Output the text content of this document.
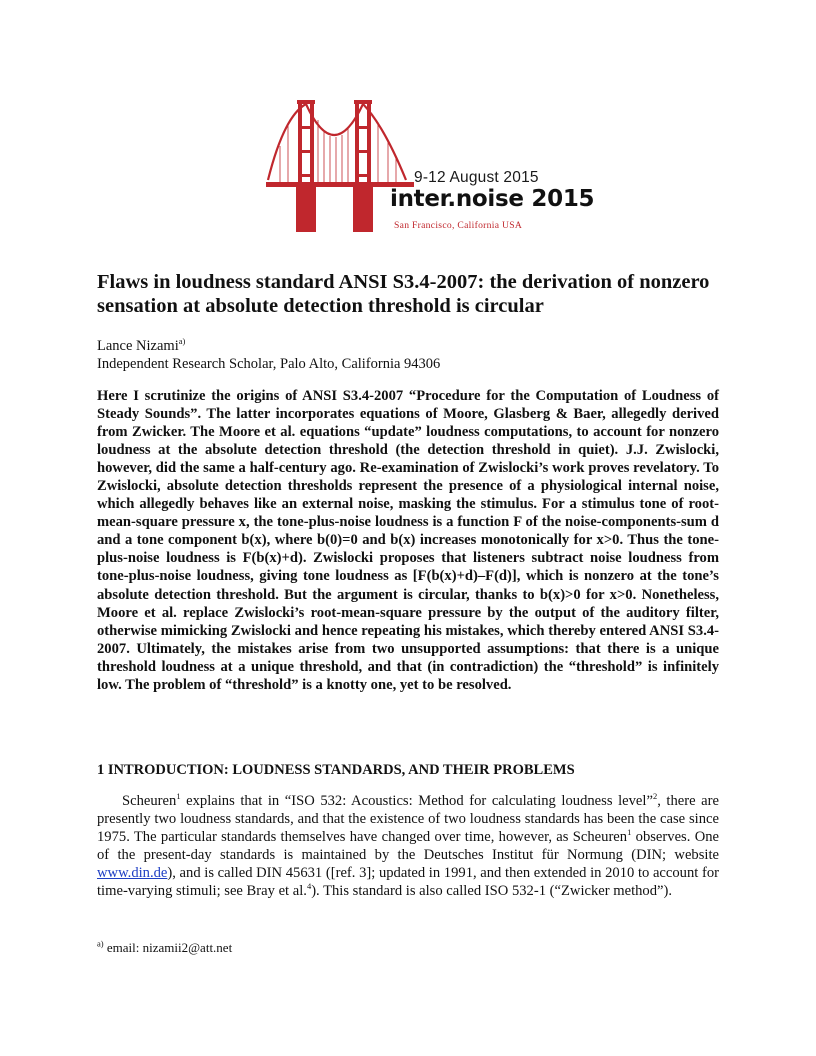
9-12 August 2015
inter.noise 2015
San Francisco, California USA
Flaws in loudness standard ANSI S3.4-2007: the derivation of nonzero sensation at absolute detection threshold is circular
Lance Nizami$^{a)}$
Independent Research Scholar, Palo Alto, California 94306

Here I scrutinize the origins of ANSI S3.4-2007 “Procedure for the Computation of Loudness of Steady Sounds”. The latter incorporates equations of Moore, Glasberg & Baer, allegedly derived from Zwicker. The Moore et al. equations “update” loudness computations, to account for nonzero loudness at the absolute detection threshold (the detection threshold in quiet). J.J. Zwislocki, however, did the same a half-century ago. Re-examination of Zwislocki’s work proves revelatory. To Zwislocki, absolute detection thresholds represent the presence of a physiological internal noise, which allegedly behaves like an external noise, masking the stimulus. For a stimulus tone of root-mean-square pressure x, the tone-plus-noise loudness is a function F of the noise-components-sum d and a tone component b(x), where b(0)=0 and b(x) increases monotonically for x>0. Thus the tone-plus-noise loudness is F(b(x)+d). Zwislocki proposes that listeners subtract noise loudness from tone-plus-noise loudness, giving tone loudness as [F(b(x)+d)–F(d)], which is nonzero at the tone’s absolute detection threshold. But the argument is circular, thanks to b(x)>0 for x>0. Nonetheless, Moore et al. replace Zwislocki’s root-mean-square pressure by the output of the auditory filter, otherwise mimicking Zwislocki and hence repeating his mistakes, which thereby entered ANSI S3.4-2007. Ultimately, the mistakes arise from two unsupported assumptions: that there is a unique threshold loudness at a unique threshold, and that (in contradiction) the “threshold” is infinitely low. The problem of “threshold” is a knotty one, yet to be resolved.

1 INTRODUCTION: LOUDNESS STANDARDS, AND THEIR PROBLEMS

Scheuren$^1$ explains that in “ISO 532: Acoustics: Method for calculating loudness level”$^2$, there are presently two loudness standards, and that the existence of two loudness standards has been the case since 1975. The particular standards themselves have changed over time, however, as Scheuren$^1$ observes. One of the present-day standards is maintained by the Deutsches Institut für Normung (DIN; website www.din.de), and is called DIN 45631 ([ref. 3]; updated in 1991, and then extended in 2010 to account for time-varying stimuli; see Bray et al.$^4$). This standard is also called ISO 532-1 (“Zwicker method”).

$^{a)}$ email: nizamii2@att.net
